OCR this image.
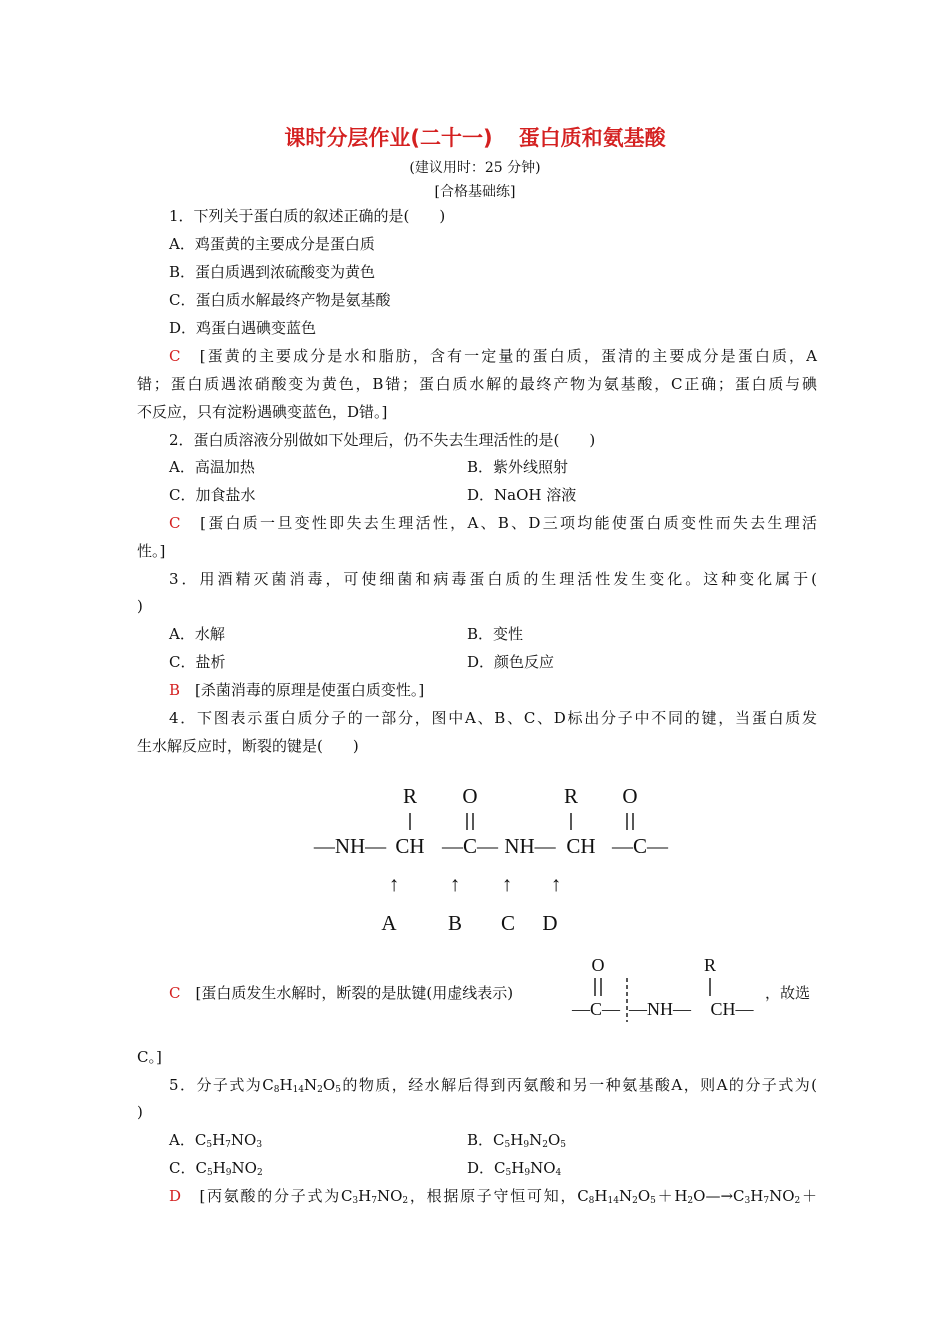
课时分层作业(二十一) 蛋白质和氨基酸
(建议用时：25 分钟)
[合格基础练]
1．下列关于蛋白质的叙述正确的是(　　)
A．鸡蛋黄的主要成分是蛋白质
B．蛋白质遇到浓硫酸变为黄色
C．蛋白质水解最终产物是氨基酸
D．鸡蛋白遇碘变蓝色
C　 [蛋黄的主要成分是水和脂肪，含有一定量的蛋白质，蛋清的主要成分是蛋白质，A
错；蛋白质遇浓硝酸变为黄色，B错；蛋白质水解的最终产物为氨基酸，C正确；蛋白质与碘
不反应，只有淀粉遇碘变蓝色，D错。]
2．蛋白质溶液分别做如下处理后，仍不失去生理活性的是(　　)
A．高温加热	B．紫外线照射
C．加食盐水	D．NaOH 溶液
C　 [蛋白质一旦变性即失去生理活性，A、B、D三项均能使蛋白质变性而失去生理活
性。]
3．用酒精灭菌消毒，可使细菌和病毒蛋白质的生理活性发生变化。这种变化属于(
)
A．水解	B．变性
C．盐析	D．颜色反应
B　 [杀菌消毒的原理是使蛋白质变性。]
4．下图表示蛋白质分子的一部分，图中A、B、C、D标出分子中不同的键，当蛋白质发
生水解反应时，断裂的键是(　　)
R O	R O
—NH— CH —C— NH— CH —C—
↑ ↑ ↑ ↑
A B C D
C　 [蛋白质发生水解时，断裂的是肽键(用虚线表示)
O	R
—C— —NH— CH—
，故选
C。]
5．分子式为$C_8H_{14}N_2O_5$的物质，经水解后得到丙氨酸和另一种氨基酸A，则A的分子式为(
)
A．$C_5H_7NO_3$	B．$C_5H_9N_2O_5$
C．$C_5H_9NO_2$	D．$C_5H_9NO_4$
D　 [丙氨酸的分子式为$C_3H_7NO_2$，根据原子守恒可知，$C_8H_{14}N_2O_5+H_2O—\to C_3H_7NO_2+$
